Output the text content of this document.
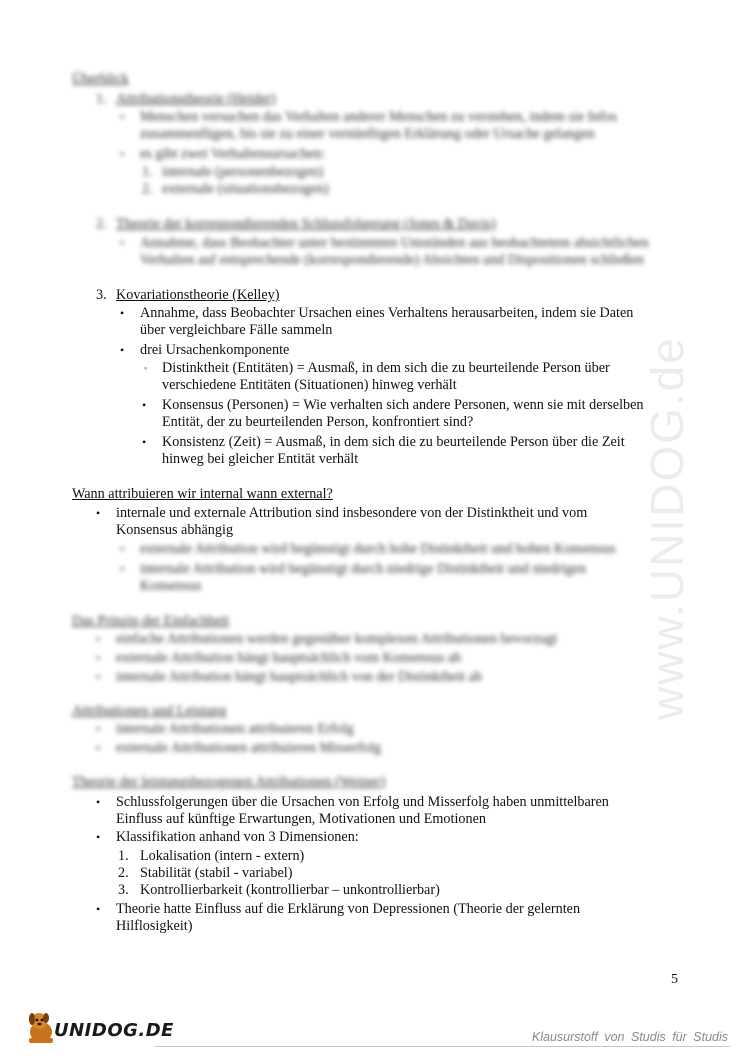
www.UNIDOG.de
Überblick
1. Attributionstheorie (Heider)
• Menschen versuchen das Verhalten anderer Menschen zu verstehen, indem sie Infos
zusammenfügen, bis sie zu einer vernünftigen Erklärung oder Ursache gelangen
• es gibt zwei Verhaltensursachen:
1. internale (personenbezogen)
2. externale (situationsbezogen)
2. Theorie der korrespondierenden Schlussfolgerung (Jones & Davis)
• Annahme, dass Beobachter unter bestimmten Umständen aus beobachtetem absichtlichen
Verhalten auf entsprechende (korrespondierende) Absichten und Dispositionen schließen
3. Kovariationstheorie (Kelley)
• Annahme, dass Beobachter Ursachen eines Verhaltens herausarbeiten, indem sie Daten
über vergleichbare Fälle sammeln
• drei Ursachenkomponente
◦ Distinktheit (Entitäten) = Ausmaß, in dem sich die zu beurteilende Person über
verschiedene Entitäten (Situationen) hinweg verhält
• Konsensus (Personen) = Wie verhalten sich andere Personen, wenn sie mit derselben
Entität, der zu beurteilenden Person, konfrontiert sind?
• Konsistenz (Zeit) = Ausmaß, in dem sich die zu beurteilende Person über die Zeit
hinweg bei gleicher Entität verhält
Wann attribuieren wir internal wann external?
• internale und externale Attribution sind insbesondere von der Distinktheit und vom
Konsensus abhängig
• externale Attribution wird begünstigt durch hohe Distinktheit und hohen Konsensus
• internale Attribution wird begünstigt durch niedrige Distinktheit und niedrigen
Konsensus
Das Prinzip der Einfachheit
• einfache Attributionen werden gegenüber komplexen Attributionen bevorzugt
• externale Attribution hängt hauptsächlich vom Konsensus ab
• internale Attribution hängt hauptsächlich von der Distinktheit ab
Attributionen und Leistung
• internale Attributionen attribuieren Erfolg
• externale Attributionen attribuieren Misserfolg
Theorie der leistungsbezogenen Attributionen (Weiner)
• Schlussfolgerungen über die Ursachen von Erfolg und Misserfolg haben unmittelbaren
Einfluss auf künftige Erwartungen, Motivationen und Emotionen
• Klassifikation anhand von 3 Dimensionen:
1. Lokalisation (intern - extern)
2. Stabilität (stabil - variabel)
3. Kontrollierbarkeit (kontrollierbar – unkontrollierbar)
• Theorie hatte Einfluss auf die Erklärung von Depressionen (Theorie der gelernten
Hilflosigkeit)
5
UNIDOG.DE	Klausurstoff von Studis für Studis
